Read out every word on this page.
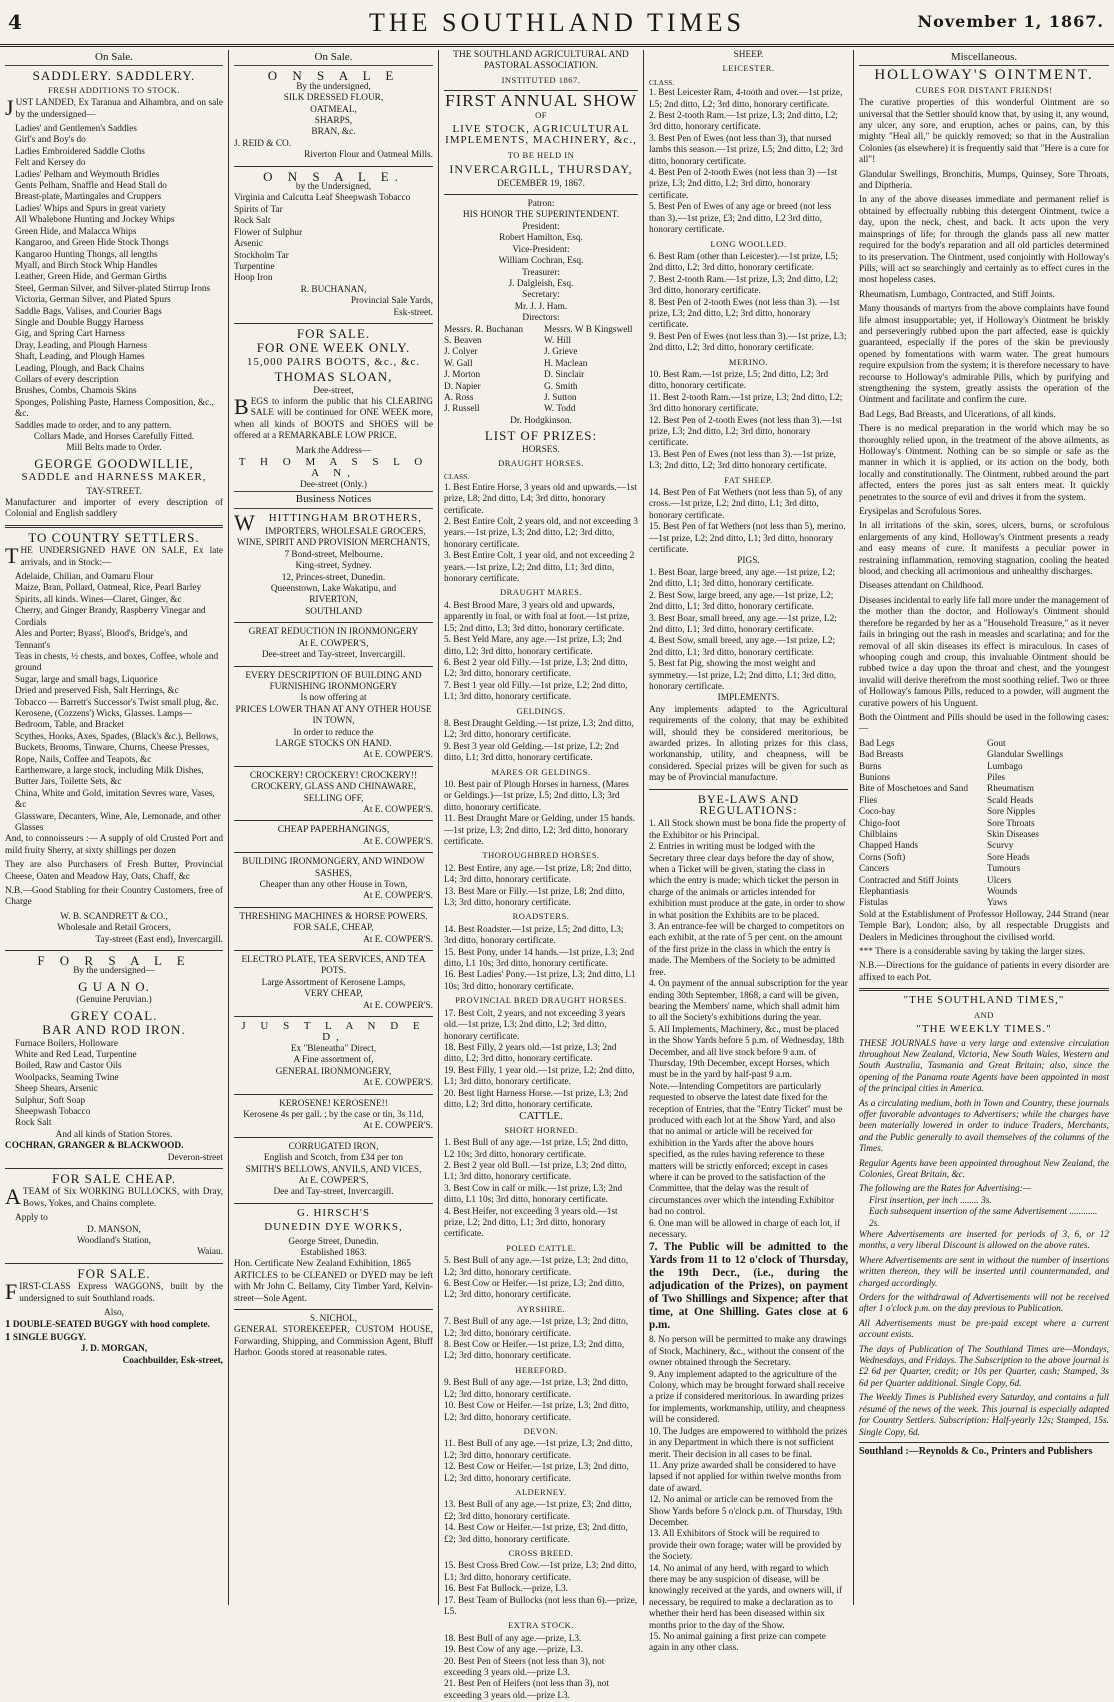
4	THE SOUTHLAND TIMES	November 1, 1867.
On Sale.
SADDLERY. SADDLERY.
FRESH ADDITIONS TO STOCK.

JUST LANDED, Ex Taranua and Alhambra, and on sale by the undersigned—

Ladies' and Gentlemen's Saddles
Girl's and Boy's do
Ladies Embroidered Saddle Cloths
Felt and Kersey do
Ladies' Pelham and Weymouth Bridles
Gents Pelham, Snaffle and Head Stall do
Breast-plate, Martingales and Cruppers
Ladies' Whips and Spurs in great variety
All Whalebone Hunting and Jockey Whips
Green Hide, and Malacca Whips
Kangaroo, and Green Hide Stock Thongs
Kangaroo Hunting Thongs, all lengths
Myall, and Birch Stock Whip Handles
Leather, Green Hide, and German Girths
Steel, German Silver, and Silver-plated Stirrup Irons
Victoria, German Silver, and Plated Spurs
Saddle Bags, Valises, and Courier Bags
Single and Double Buggy Harness
Gig, and Spring Cart Harness
Dray, Leading, and Plough Harness
Shaft, Leading, and Plough Hames
Leading, Plough, and Back Chains
Collars of every description
Brushes, Combs, Chamois Skins
Sponges, Polishing Paste, Harness Composition, &c., &c.
Saddles made to order, and to any pattern.
Collars Made, and Horses Carefully Fitted.
Mill Belts made to Order.
GEORGE GOODWILLIE,
SADDLE and HARNESS MAKER,
TAY-STREET.

Manufacturer and importer of every description of Colonial and English saddlery

TO COUNTRY SETTLERS.

THE UNDERSIGNED HAVE ON SALE, Ex late arrivals, and in Stock:—

Adelaide, Chilian, and Oamaru Flour
Maize, Bran, Pollard, Oatmeal, Rice, Pearl Barley
Spirits, all kinds. Wines—Claret, Ginger, &c
Cherry, and Ginger Brandy, Raspberry Vinegar and Cordials
Ales and Porter; Byass', Blood's, Bridge's, and Tennant's
Teas in chests, ½ chests, and boxes, Coffee, whole and ground
Sugar, large and small bags, Liquorice
Dried and preserved Fish, Salt Herrings, &c
Tobacco — Barrett's Successor's Twist small plug, &c.
Kerosene, (Cozzens') Wicks, Glasses. Lamps—Bedroom, Table, and Bracket
Scythes, Hooks, Axes, Spades, (Black's &c.), Bellows, Buckets, Brooms, Tinware, Churns, Cheese Presses, Rope, Nails, Coffee and Teapots, &c
Earthenware, a large stock, including Milk Dishes, Butter Jars, Toilette Sets, &c
China, White and Gold, imitation Sevres ware, Vases, &c
Glassware, Decanters, Wine, Ale, Lemonade, and other Glasses

And, to connoisseurs :— A supply of old Crusted Port and mild fruity Sherry, at sixty shillings per dozen

They are also Purchasers of Fresh Butter, Provincial Cheese, Oaten and Meadow Hay, Oats, Chaff, &c

N.B.—Good Stabling for their Country Customers, free of Charge

W. B. SCANDRETT & CO.,
Wholesale and Retail Grocers,
Tay-street (East end), Invercargill.
F O R S A L E
By the undersigned—
G U A N O.
(Genuine Peruvian.)
GREY COAL.
BAR AND ROD IRON.
Furnace Boilers, Holloware
White and Red Lead, Turpentine
Boiled, Raw and Castor Oils
Woolpacks, Seaming Twine
Sheep Shears, Arsenic
Sulphur, Soft Soap
Sheepwash Tobacco
Rock Salt
And all kinds of Station Stores.
COCHRAN, GRANGER & BLACKWOOD.
Deveron-street
FOR SALE CHEAP.

ATEAM of Six WORKING BULLOCKS, with Dray, Bows, Yokes, and Chains complete.

Apply to
D. MANSON,
Woodland's Station,
Waiau.
FOR SALE.

FIRST-CLASS Express WAGGONS, built by the undersigned to suit Southland roads.

Also,
1 DOUBLE-SEATED BUGGY with hood complete.
1 SINGLE BUGGY.
J. D. MORGAN,
Coachbuilder, Esk-street,
On Sale.
O N S A L E
By the undersigned,
SILK DRESSED FLOUR,
OATMEAL,
SHARPS,
BRAN, &c.
J. REID & CO.
Riverton Flour and Oatmeal Mills.
O N S A L E.
by the Undersigned,
Virginia and Calcutta Leaf Sheepwash Tobacco
Spirits of Tar
Rock Salt
Flower of Sulphur
Arsenic
Stockholm Tar
Turpentine
Hoop Iron
R. BUCHANAN,
Provincial Sale Yards,
Esk-street.
FOR SALE.
FOR ONE WEEK ONLY.
15,000 PAIRS BOOTS, &c., &c.
THOMAS SLOAN,
Dee-street,

BEGS to inform the public that his CLEARING SALE will be continued for ONE WEEK more, when all kinds of BOOTS and SHOES will be offered at a REMARKABLE LOW PRICE.

Mark the Address—
T H O M A S S L O A N,
Dee-street (Only.)
Business Notices
WHITTINGHAM BROTHERS,
IMPORTERS, WHOLESALE GROCERS, WINE, SPIRIT AND PROVISION MERCHANTS,
7 Bond-street, Melbourne.
King-street, Sydney.
12, Princes-street, Dunedin.
Queenstown, Lake Wakatipu, and
RIVERTON,
SOUTHLAND
GREAT REDUCTION IN IRONMONGERY
At E. COWPER'S,
Dee-street and Tay-street, Invercargill.
EVERY DESCRIPTION OF BUILDING AND FURNISHING IRONMONGERY
Is now offering at
PRICES LOWER THAN AT ANY OTHER HOUSE IN TOWN,
In order to reduce the
LARGE STOCKS ON HAND.
At E. COWPER'S.
CROCKERY! CROCKERY! CROCKERY!!
CROCKERY, GLASS AND CHINAWARE, SELLING OFF,
At E. COWPER'S.
CHEAP PAPERHANGINGS,
At E. COWPER'S.
BUILDING IRONMONGERY, AND WINDOW SASHES,
Cheaper than any other House in Town,
At E. COWPER'S.
THRESHING MACHINES & HORSE POWERS.
FOR SALE, CHEAP,
At E. COWPER'S.
ELECTRO PLATE, TEA SERVICES, AND TEA POTS.
Large Assortment of Kerosene Lamps,
VERY CHEAP,
At E. COWPER'S.
J U S T L A N D E D,
Ex "Bleneatha" Direct,
A Fine assortment of,
GENERAL IRONMONGERY,
At E. COWPER'S.
KEROSENE! KEROSENE!!
Kerosene 4s per gall. ; by the case or tin, 3s 11d,
At E. COWPER'S.
CORRUGATED IRON,
English and Scotch, from £34 per ton
SMITH'S BELLOWS, ANVILS, AND VICES,
At E. COWPER'S,
Dee and Tay-street, Invercargill.
G. HIRSCH'S
DUNEDIN DYE WORKS,
George Street, Dunedin.
Established 1863.
Hon. Certificate New Zealand Exhibition, 1865

ARTICLES to be CLEANED or DYED may be left with Mr John C. Bellamy, City Timber Yard, Kelvin-street—Sole Agent.

S. NICHOL,

GENERAL STOREKEEPER, CUSTOM HOUSE, Forwarding, Shipping, and Commission Agent, Bluff Harbor. Goods stored at reasonable rates.

THE SOUTHLAND AGRICULTURAL AND PASTORAL ASSOCIATION.
INSTITUTED 1867.
FIRST ANNUAL SHOW
OF
LIVE STOCK, AGRICULTURAL IMPLEMENTS, MACHINERY, &c.,
TO BE HELD IN
INVERCARGILL, THURSDAY,
DECEMBER 19, 1867.
Patron:
HIS HONOR THE SUPERINTENDENT.
President:
Robert Hamilton, Esq.
Vice-President:
William Cochran, Esq.
Treasurer:
J. Dalgleish, Esq.
Secretary:
Mr. J. J. Ham.
Directors:
Messrs. R. Buchanan
S. Beaven
J. Colyer
W. Gall
J. Morton
D. Napier
A. Ross
J. Russell
Messrs. W B Kingswell
W. Hill
J. Grieve
H. Maclean
D. Sinclair
G. Smith
J. Sutton
W. Todd
Dr. Hodgkinson.
LIST OF PRIZES:
HORSES.
DRAUGHT HORSES.
CLASS.
1. Best Entire Horse, 3 years old and upwards.—1st prize, L8; 2nd ditto, L4; 3rd ditto, honorary certificate.
2. Best Entire Colt, 2 years old, and not exceeding 3 years.—1st prize, L3; 2nd ditto, L2; 3rd ditto, honorary certificate.
3. Best Entire Colt, 1 year old, and not exceeding 2 years.—1st prize, L2; 2nd ditto, L1; 3rd ditto, honorary certificate.
DRAUGHT MARES.
4. Best Brood Mare, 3 years old and upwards, apparently in foal, or with foal at foot.—1st prize, L5; 2nd ditto, L3; 3rd ditto, honorary certificate.
5. Best Yeld Mare, any age.—1st prize, L3; 2nd ditto, L2; 3rd ditto, honorary certificate.
6. Best 2 year old Filly.—1st prize, L3; 2nd ditto, L2; 3rd ditto, honorary certificate.
7. Best 1 year old Filly.—1st prize, L2; 2nd ditto, L1; 3rd ditto, honorary certificate.
GELDINGS.
8. Best Draught Gelding.—1st prize, L3; 2nd ditto, L2; 3rd ditto, honorary certificate.
9. Best 3 year old Gelding.—1st prize, L2; 2nd ditto, L1; 3rd ditto, honorary certificate.
MARES OR GELDINGS.
10. Best pair of Plough Horses in harness, (Mares or Geldings.)—1st prize, L5; 2nd ditto, L3; 3rd ditto, honorary certificate.
11. Best Draught Mare or Gelding, under 15 hands.—1st prize, L3; 2nd ditto, L2; 3rd ditto, honorary certificate.
THOROUGHBRED HORSES.
12. Best Entire, any age.—1st prize, L8; 2nd ditto, L4; 3rd ditto, honorary certificate.
13. Best Mare or Filly.—1st prize, L8; 2nd ditto, L3; 3rd ditto, honorary certificate.
ROADSTERS.
14. Best Roadster.—1st prize, L5; 2nd ditto, L3; 3rd ditto, honorary certificate.
15. Best Pony, under 14 hands.—1st prize, L3; 2nd ditto, L1 10s; 3rd ditto, honorary certificate.
16. Best Ladies' Pony.—1st prize, L3; 2nd ditto, L1 10s; 3rd ditto, honorary certificate.
PROVINCIAL BRED DRAUGHT HORSES.
17. Best Colt, 2 years, and not exceeding 3 years old.—1st prize, L3; 2nd ditto, L2; 3rd ditto, honorary certificate.
18. Best Filly, 2 years old.—1st prize, L3; 2nd ditto, L2; 3rd ditto, honorary certificate.
19. Best Filly, 1 year old.—1st prize, L2; 2nd ditto, L1; 3rd ditto, honorary certificate.
20. Best light Harness Horse.—1st prize, L3; 2nd ditto, L2; 3rd ditto, honorary certificate.
CATTLE.
SHORT HORNED.
1. Best Bull of any age.—1st prize, L5; 2nd ditto, L2 10s; 3rd ditto, honorary certificate.
2. Best 2 year old Bull.—1st prize, L3; 2nd ditto, L1; 3rd ditto, honorary certificate.
3. Best Cow in calf or milk.—1st prize, L3; 2nd ditto, L1 10s; 3rd ditto, honorary certificate.
4. Best Heifer, not exceeding 3 years old.—1st prize, L2; 2nd ditto, L1; 3rd ditto, honorary certificate.
POLED CATTLE.
5. Best Bull of any age.—1st prize, L3; 2nd ditto, L2; 3rd ditto, honorary certificate.
6. Best Cow or Heifer.—1st prize, L3; 2nd ditto, L2; 3rd ditto, honorary certificate.
AYRSHIRE.
7. Best Bull of any age.—1st prize, L3; 2nd ditto, L2; 3rd ditto, honorary certificate.
8. Best Cow or Heifer.—1st prize, L3; 2nd ditto, L2; 3rd ditto, honorary certificate.
HEREFORD.
9. Best Bull of any age.—1st prize, L3; 2nd ditto, L2; 3rd ditto, honorary certificate.
10. Best Cow or Heifer.—1st prize, L3; 2nd ditto, L2; 3rd ditto, honorary certificate.
DEVON.
11. Best Bull of any age.—1st prize, L3; 2nd ditto, L2; 3rd ditto, honorary certificate.
12. Best Cow or Heifer.—1st prize, L3; 2nd ditto, L2; 3rd ditto, honorary certificate.
ALDERNEY.
13. Best Bull of any age.—1st prize, £3; 2nd ditto, £2; 3rd ditto, honorary certificate.
14. Best Cow or Heifer.—1st prize, £3; 2nd ditto, £2; 3rd ditto, honorary certificate.
CROSS BREED.
15. Best Cross Bred Cow.—1st prize, L3; 2nd ditto, L1; 3rd ditto, honorary certificate.
16. Best Fat Bullock.—prize, L3.
17. Best Team of Bullocks (not less than 6).—prize, L5.
EXTRA STOCK.
18. Best Bull of any age.—prize, L3.
19. Best Cow of any age.—prize, L3.
20. Best Pen of Steers (not less than 3), not exceeding 3 years old.—prize L3.
21. Best Pen of Heifers (not less than 3), not exceeding 3 years old.—prize L3.
SHEEP.
LEICESTER.
CLASS.
1. Best Leicester Ram, 4-tooth and over.—1st prize, L5; 2nd ditto, L2; 3rd ditto, honorary certificate.
2. Best 2-tooth Ram.—1st prize, L3; 2nd ditto, L2; 3rd ditto, honorary certificate.
3. Best Pen of Ewes (not less than 3), that nursed lambs this season.—1st prize, L5; 2nd ditto, L2; 3rd ditto, honorary certificate.
4. Best Pen of 2-tooth Ewes (not less than 3) —1st prize, L3; 2nd ditto, L2; 3rd ditto, honorary certificate.
5. Best Pen of Ewes of any age or breed (not less than 3).—1st prize, £3; 2nd ditto, L2 3rd ditto, honorary certificate.
LONG WOOLLED.
6. Best Ram (other than Leicester).—1st prize, L5; 2nd ditto, L2; 3rd ditto, honorary certificate.
7. Best 2-tooth Ram.—1st prize, L3; 2nd ditto, L2; 3rd ditto, honorary certificate.
8. Best Pen of 2-tooth Ewes (not less than 3). —1st prize, L3; 2nd ditto, L2; 3rd ditto, honorary certificate.
9. Best Pen of Ewes (not less than 3).—1st prize, L3; 2nd ditto, L2; 3rd ditto, honorary certificate.
MERINO.
10. Best Ram.—1st prize, L5; 2nd ditto, L2; 3rd ditto, honorary certificate.
11. Best 2-tooth Ram.—1st prize, L3; 2nd ditto, L2; 3rd ditto honorary certificate.
12. Best Pen of 2-tooth Ewes (not less than 3).—1st prize, L3; 2nd ditto, L2; 3rd ditto, honorary certificate.
13. Best Pen of Ewes (not less than 3).—1st prize, L3; 2nd ditto, L2; 3rd ditto honorary certificate.
FAT SHEEP.
14. Best Pen of Fat Wethers (not less than 5), of any cross.—1st prize, L2; 2nd ditto, L1; 3rd ditto, honorary certificate.
15. Best Pen of fat Wethers (not less than 5), merino.—1st prize, L2; 2nd ditto, L1; 3rd ditto, honorary certificate.
PIGS.
1. Best Boar, large breed, any age.—1st prize, L2; 2nd ditto, L1; 3rd ditto, honorary certificate.
2. Best Sow, large breed, any age.—1st prize, L2; 2nd ditto, L1; 3rd ditto, honorary certificate.
3. Best Boar, small breed, any age.—1st prize, L2; 2nd ditto, L1; 3rd ditto, honorary certificate.
4. Best Sow, small breed, any age.—1st prize, L2; 2nd ditto, L1; 3rd ditto, honorary certificate.
5. Best fat Pig, showing the most weight and symmetry.—1st prize, L2; 2nd ditto, L1; 3rd ditto, honorary certificate.
IMPLEMENTS.

Any implements adapted to the Agricultural requirements of the colony, that may be exhibited will, should they be considered meritorious, be awarded prizes. In alloting prizes for this class, workmanship, utility, and cheapness, will be considered. Special prizes will be given for such as may be of Provincial manufacture.

BYE-LAWS AND REGULATIONS:
1. All Stock shown must be bona fide the property of the Exhibitor or his Principal.
2. Entries in writing must be lodged with the Secretary three clear days before the day of show, when a Ticket will be given, stating the class in which the entry is made; which ticket the person in charge of the animals or articles intended for exhibition must produce at the gate, in order to show in what position the Exhibits are to be placed.
3. An entrance-fee will be charged to competitors on each exhibit, at the rate of 5 per cent. on the amount of the first prize in the class in which the entry is made. The Members of the Society to be admitted free.
4. On payment of the annual subscription for the year ending 30th September, 1868, a card will be given, bearing the Members' name, which shall admit him to all the Society's exhibitions during the year.
5. All Implements, Machinery, &c., must be placed in the Show Yards before 5 p.m. of Wednesday, 18th December, and all live stock before 9 a.m. of Thursday, 19th December, except Horses, which must be in the yard by half-past 9 a.m.
Note.—Intending Competitors are particularly requested to observe the latest date fixed for the reception of Entries, that the "Entry Ticket" must be produced with each lot at the Show Yard, and also that no animal or article will be received for exhibition in the Yards after the above hours specified, as the rules having reference to these matters will be strictly enforced; except in cases where it can be proved to the satisfaction of the Committee, that the delay was the result of circumstances over which the intending Exhibitor had no control.
6. One man will be allowed in charge of each lot, if necessary.

7. The Public will be admitted to the Yards from 11 to 12 o'clock of Thursday, the 19th Decr., (i.e., during the adjudication of the Prizes), on payment of Two Shillings and Sixpence; after that time, at One Shilling. Gates close at 6 p.m.

8. No person will be permitted to make any drawings of Stock, Machinery, &c., without the consent of the owner obtained through the Secretary.
9. Any implement adapted to the agriculture of the Colony, which may be brought forward shall receive a prize if considered meritorious. In awarding prizes for implements, workmanship, utility, and cheapness will be considered.
10. The Judges are empowered to withhold the prizes in any Department in which there is not sufficient merit. Their decision in all cases to be final.
11. Any prize awarded shall be considered to have lapsed if not applied for within twelve months from date of award.
12. No animal or article can be removed from the Show Yards before 5 o'clock p.m. of Thursday, 19th December.
13. All Exhibitors of Stock will be required to provide their own forage; water will be provided by the Society.
14. No animal of any herd, with regard to which there may be any suspicion of disease, will be knowingly received at the yards, and owners will, if necessary, be required to make a declaration as to whether their herd has been diseased within six months prior to the day of the Show.
15. No animal gaining a first prize can compete again in any other class.
Miscellaneous.
HOLLOWAY'S OINTMENT.
CURES FOR DISTANT FRIENDS!

The curative properties of this wonderful Ointment are so universal that the Settler should know that, by using it, any wound, any ulcer, any sore, and eruption, aches or pains, can, by this mighty "Heal all," be quickly removed; so that in the Australian Colonies (as elsewhere) it is frequently said that "Here is a cure for all"!

Glandular Swellings, Bronchitis, Mumps, Quinsey, Sore Throats, and Diptheria.

In any of the above diseases immediate and permanent relief is obtained by effectually rubbing this detergent Ointment, twice a day, upon the neck, chest, and back. It acts upon the very mainsprings of life; for through the glands pass all new matter required for the body's reparation and all old particles determined to its preservation. The Ointment, used conjointly with Holloway's Pills, will act so searchingly and certainly as to effect cures in the most hopeless cases.

Rheumatism, Lumbago, Contracted, and Stiff Joints.

Many thousands of martyrs from the above complaints have found life almost insupportable; yet, if Holloway's Ointment be briskly and perseveringly rubbed upon the part affected, ease is quickly guaranteed, especially if the pores of the skin be previously opened by fomentations with warm water. The great humours require expulsion from the system; it is therefore necessary to have recourse to Holloway's admirable Pills, which by purifying and strengthening the system, greatly assists the operation of the Ointment and facilitate and confirm the cure.

Bad Legs, Bad Breasts, and Ulcerations, of all kinds.

There is no medical preparation in the world which may be so thoroughly relied upon, in the treatment of the above ailments, as Holloway's Ointment. Nothing can be so simple or safe as the manner in which it is applied, or its action on the body, both locally and constitutionally. The Ointment, rubbed around the part affected, enters the pores just as salt enters meat. It quickly penetrates to the source of evil and drives it from the system.

Erysipelas and Scrofulous Sores.

In all irritations of the skin, sores, ulcers, burns, or scrofulous enlargements of any kind, Holloway's Ointment presents a ready and easy means of cure. It manifests a peculiar power in restraining inflammation, removing stagnation, cooling the heated blood, and checking all acrimonious and unhealthy discharges.

Diseases attendant on Childhood.

Diseases incidental to early life fall more under the management of the mother than the doctor, and Holloway's Ointment should therefore be regarded by her as a "Household Treasure," as it never fails in bringing out the rash in measles and scarlatina; and for the removal of all skin diseases its effect is miraculous. In cases of whooping cough and croup, this invaluable Ointment should be rubbed twice a day upon the throat and chest, and the youngest invalid will derive therefrom the most soothing relief. Two or three of Holloway's famous Pills, reduced to a powder, will augment the curative powers of his Unguent.

Both the Ointment and Pills should be used in the following cases:—

Bad Legs
Bad Breasts
Burns
Bunions
Bite of Moschetoes and Sand Flies
Coco-bay
Chigo-foot
Chilblains
Chapped Hands
Corns (Soft)
Cancers
Contracted and Stiff Joints
Elephantiasis
Fistulas
Gout
Glandular Swellings
Lumbago
Piles
Rheumatism
Scald Heads
Sore Nipples
Sore Throats
Skin Diseases
Scurvy
Sore Heads
Tumours
Ulcers
Wounds
Yaws

Sold at the Establishment of Professor Holloway, 244 Strand (near Temple Bar), London; also, by all respectable Druggists and Dealers in Medicines throughout the civilised world.

*** There is a considerable saving by taking the larger sizes.

N.B.—Directions for the guidance of patients in every disorder are affixed to each Pot.

"THE SOUTHLAND TIMES,"
AND
"THE WEEKLY TIMES."

THESE JOURNALS have a very large and extensive circulation throughout New Zealand, Victoria, New South Wales, Western and South Australia, Tasmania and Great Britain; also, since the opening of the Panama route Agents have been appointed in most of the principal cities in America.

As a circulating medium, both in Town and Country, these journals offer favorable advantages to Advertisers; while the charges have been materially lowered in order to induce Traders, Merchants, and the Public generally to avail themselves of the columns of the Times.

Regular Agents have been appointed throughout New Zealand, the Colonies, Great Britain, &c.

The following are the Rates for Advertising:—
First insertion, per inch ........ 3s.
Each subsequent insertion of the same Advertisement ............ 2s.

Where Advertisements are inserted for periods of 3, 6, or 12 months, a very liberal Discount is allowed on the above rates.

Where Advertisements are sent in without the number of insertions written thereon, they will be inserted until countermanded, and charged accordingly.

Orders for the withdrawal of Advertisements will not be received after 1 o'clock p.m. on the day previous to Publication.

All Advertisements must be pre-paid except where a current account exists.

The days of Publication of The Southland Times are—Mondays, Wednesdays, and Fridays. The Subscription to the above journal is £2 6d per Quarter, credit; or 10s per Quarter, cash; Stamped, 3s 6d per Quarter additional. Single Copy, 6d.

The Weekly Times is Published every Saturday, and contains a full résumé of the news of the week. This journal is especially adapted for Country Settlers. Subscription: Half-yearly 12s; Stamped, 15s. Single Copy, 6d.

Southland :—Reynolds & Co., Printers and Publishers
